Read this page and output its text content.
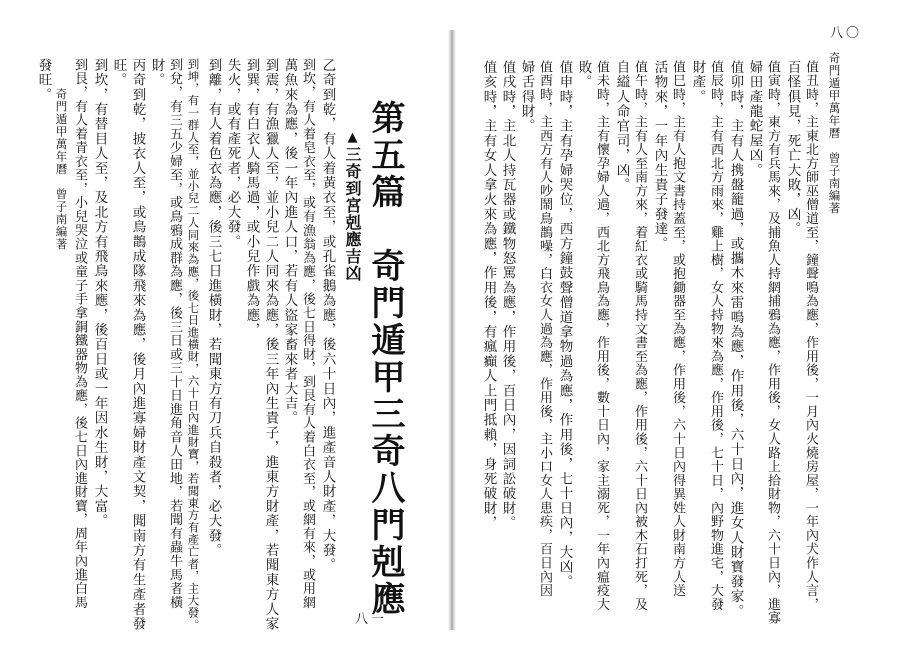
奇門遁甲萬年曆　曾子南編著
八一
第五篇　奇門遁甲三奇八門剋應
▲三奇到宮剋應吉凶
乙奇到乾，有人着黃衣至，或孔雀鵝為應，後六十日內，進產音人財產，大發。
到坎，有人着皂衣至，或有漁翁為應，後七日得財，到艮有人着白衣至，或網有來，或用網
萬魚來為應，後一年內進人口，若有人盜家畜來者大吉。
到震，有漁獵人至，並小兒二人同來為應，後三年內生貴子，進東方財產，若聞東方人家
到巽，有白衣人騎馬過，或小兒作戲為應，
失火，或有產死者，必大發。
到離，有人着色衣為應，後三七日進橫財，若聞東方有刀兵自殺者，必大發。
到坤，有一群人至，並小兒二人同來為應，後七日進橫財，六十日內進財寶，若聞東方有產亡者，主大發。
到兌，有三五少婦至，或鳥鴉成群為應，後三日或三十日進角音人田地，若聞有蟲牛馬者橫
財。
丙奇到乾，披衣人至，或鳥鵲成隊飛來為應，後月內進寡婦財產文契，聞南方有生產者發
旺。
到坎，有替目人至，及北方有飛鳥來應，後百日或一年因水生財，大富。
到艮，有人着青衣至，小兒哭泣或童子手拿銅鐵器物為應，後七日內進財寶，周年內進白馬
發旺。	奇門遁甲萬年曆　曾子南編著
八〇
值丑時，主東北方師巫僧道至，鐘聲鳴為應，作用後，一月內火燒房屋，一年內犬作人言，
百怪俱見，死亡大敗，凶。
值寅時，東方有兵馬來，及捕魚人持網捕鴉為應，作用後，女人路上拾財物，六十日內，進寡
婦田產龍蛇屋凶。
值卯時，主有人携盤籠過，或攜木來雷鳴為應，作用後，六十日內，進女人財寶發家。
值辰時，主有西北方雨來，雞上樹，女人持物來為應，作用後，七十日，內野物進宅，大發
財產。
值巳時，主有人抱文書持蓋至，或抱鋤器至為應，作用後，六十日內得異姓人財南方人送
活物來，一年內生貴子發達。
值午時，主有人至南方來，着紅衣或騎馬持文書至為應，作用後，六十日內被木石打死，及
自縊人命官司，凶。
值未時，主有懷孕婦人過，西北方飛鳥為應，作用後，數十日內，家主溺死，一年內瘟疫大
敗。
值申時，主有孕婦哭位，西方鐘鼓聲僧道拿物過為應，作用後，七十日內，大凶。
值酉時，主西方有人吵鬧鳥鵲噪，白衣女人過為應，作用後，主小口女人患疾，百日內因
婦舌得財。
值戌時，主北人持瓦器或鐵物怒罵為應，作用後，百日內，因詞訟破財。
值亥時，主有女人拿火來為應，作用後，有瘋癲人上門抵賴，身死破財，
